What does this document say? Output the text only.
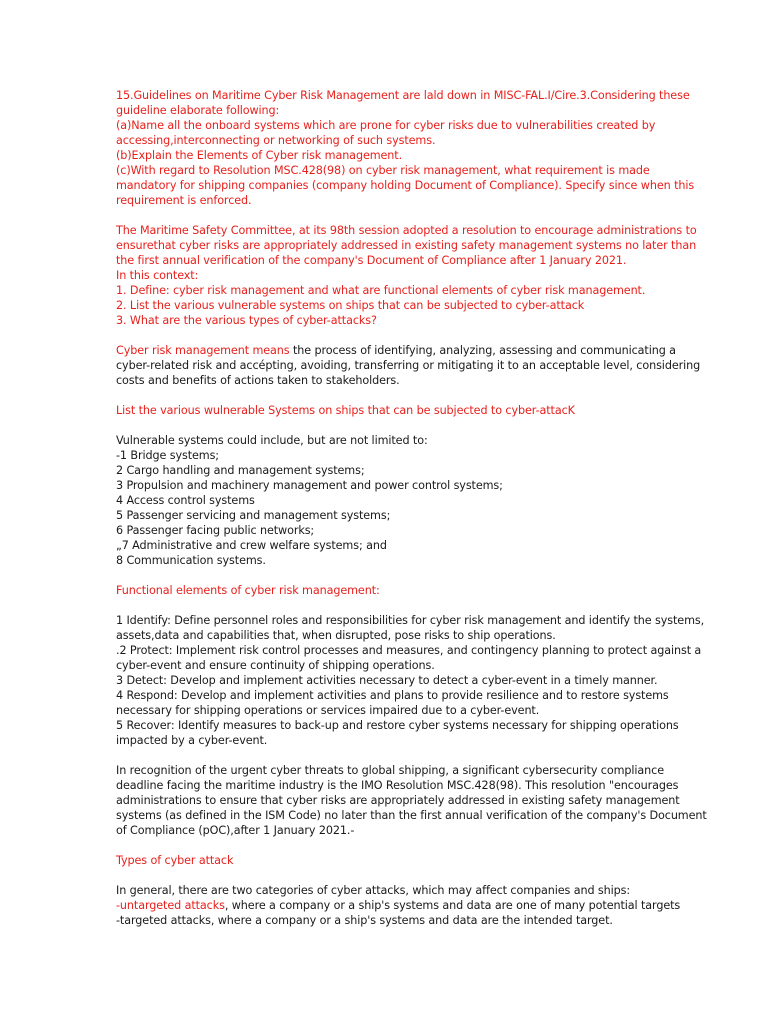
15.Guidelines on Maritime Cyber Risk Management are lald down in MISC-FAL.I/Cire.3.Considering these guideline elaborate following:

(a)Name all the onboard systems which are prone for cyber risks due to vulnerabilities created by accessing,interconnecting or networking of such systems.

(b)Explain the Elements of Cyber risk management.

(c)With regard to Resolution MSC.428(98) on cyber risk management, what requirement is made mandatory for shipping companies (company holding Document of Compliance). Specify since when this requirement is enforced.

The Maritime Safety Committee, at its 98th session adopted a resolution to encourage administrations to ensurethat cyber risks are appropriately addressed in existing safety management systems no later than the first annual verification of the company's Document of Compliance after 1 January 2021.

In this context:

1. Define: cyber risk management and what are functional elements of cyber risk management.

2. List the various vulnerable systems on ships that can be subjected to cyber-attack

3. What are the various types of cyber-attacks?

Cyber risk management means the process of identifying, analyzing, assessing and communicating a cyber-related risk and accépting, avoiding, transferring or mitigating it to an acceptable level, considering costs and benefits of actions taken to stakeholders.

List the various wulnerable Systems on ships that can be subjected to cyber-attacK

Vulnerable systems could include, but are not limited to:

-1 Bridge systems;

2 Cargo handling and management systems;

3 Propulsion and machinery management and power control systems;

4 Access control systems

5 Passenger servicing and management systems;

6 Passenger facing public networks;

„7 Administrative and crew welfare systems; and

8 Communication systems.

Functional elements of cyber risk management:

1 Identify: Define personnel roles and responsibilities for cyber risk management and identify the systems, assets,data and capabilities that, when disrupted, pose risks to ship operations.

.2 Protect: Implement risk control processes and measures, and contingency planning to protect against a cyber-event and ensure continuity of shipping operations.

3 Detect: Develop and implement activities necessary to detect a cyber-event in a timely manner.

4 Respond: Develop and implement activities and plans to provide resilience and to restore systems necessary for shipping operations or services impaired due to a cyber-event.

5 Recover: Identify measures to back-up and restore cyber systems necessary for shipping operations impacted by a cyber-event.

In recognition of the urgent cyber threats to global shipping, a significant cybersecurity compliance deadline facing the maritime industry is the IMO Resolution MSC.428(98). This resolution "encourages administrations to ensure that cyber risks are appropriately addressed in existing safety management systems (as defined in the ISM Code) no later than the first annual verification of the company's Document of Compliance (pOC),after 1 January 2021.-

Types of cyber attack

In general, there are two categories of cyber attacks, which may affect companies and ships:

-untargeted attacks, where a company or a ship's systems and data are one of many potential targets

-targeted attacks, where a company or a ship's systems and data are the intended target.
